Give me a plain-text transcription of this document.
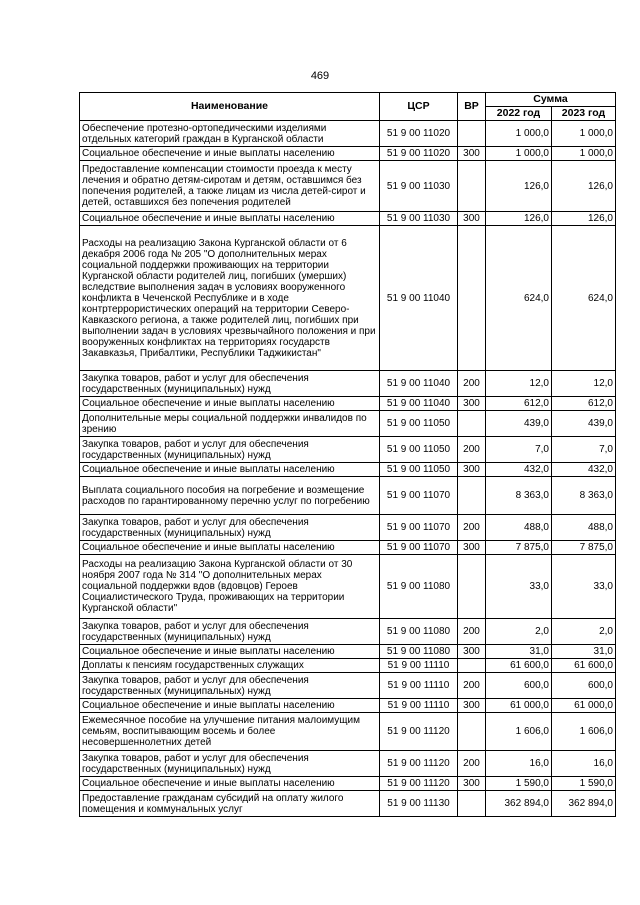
469
Наименование	ЦСР	ВР	Сумма	
			2022 год	2023 год
Обеспечение протезно-ортопедическими изделиями отдельных категорий граждан в Курганской области	51 9 00 11020		1 000,0	1 000,0
Социальное обеспечение и иные выплаты населению	51 9 00 11020	300	1 000,0	1 000,0
Предоставление компенсации стоимости проезда к месту лечения и обратно детям-сиротам и детям, оставшимся без попечения родителей, а также лицам из числа детей-сирот и детей, оставшихся без попечения родителей	51 9 00 11030		126,0	126,0
Социальное обеспечение и иные выплаты населению	51 9 00 11030	300	126,0	126,0
Расходы на реализацию Закона Курганской области от 6 декабря 2006 года № 205 "О дополнительных мерах социальной поддержки проживающих на территории Курганской области родителей лиц, погибших (умерших) вследствие выполнения задач в условиях вооруженного конфликта в Чеченской Республике и в ходе контртеррористических операций на территории Северо-Кавказского региона, а также родителей лиц, погибших при выполнении задач в условиях чрезвычайного положения и при вооруженных конфликтах на территориях государств Закавказья, Прибалтики, Республики Таджикистан"	51 9 00 11040		624,0	624,0
Закупка товаров, работ и услуг для обеспечения государственных (муниципальных) нужд	51 9 00 11040	200	12,0	12,0
Социальное обеспечение и иные выплаты населению	51 9 00 11040	300	612,0	612,0
Дополнительные меры социальной поддержки инвалидов по зрению	51 9 00 11050		439,0	439,0
Закупка товаров, работ и услуг для обеспечения государственных (муниципальных) нужд	51 9 00 11050	200	7,0	7,0
Социальное обеспечение и иные выплаты населению	51 9 00 11050	300	432,0	432,0
Выплата социального пособия на погребение и возмещение расходов по гарантированному перечню услуг по погребению	51 9 00 11070		8 363,0	8 363,0
Закупка товаров, работ и услуг для обеспечения государственных (муниципальных) нужд	51 9 00 11070	200	488,0	488,0
Социальное обеспечение и иные выплаты населению	51 9 00 11070	300	7 875,0	7 875,0
Расходы на реализацию Закона Курганской области от 30 ноября 2007 года № 314 "О дополнительных мерах социальной поддержки вдов (вдовцов) Героев Социалистического Труда, проживающих на территории Курганской области"	51 9 00 11080		33,0	33,0
Закупка товаров, работ и услуг для обеспечения государственных (муниципальных) нужд	51 9 00 11080	200	2,0	2,0
Социальное обеспечение и иные выплаты населению	51 9 00 11080	300	31,0	31,0
Доплаты к пенсиям государственных служащих	51 9 00 11110		61 600,0	61 600,0
Закупка товаров, работ и услуг для обеспечения государственных (муниципальных) нужд	51 9 00 11110	200	600,0	600,0
Социальное обеспечение и иные выплаты населению	51 9 00 11110	300	61 000,0	61 000,0
Ежемесячное пособие на улучшение питания малоимущим семьям, воспитывающим восемь и более несовершеннолетних детей	51 9 00 11120		1 606,0	1 606,0
Закупка товаров, работ и услуг для обеспечения государственных (муниципальных) нужд	51 9 00 11120	200	16,0	16,0
Социальное обеспечение и иные выплаты населению	51 9 00 11120	300	1 590,0	1 590,0
Предоставление гражданам субсидий на оплату жилого помещения и коммунальных услуг	51 9 00 11130		362 894,0	362 894,0
